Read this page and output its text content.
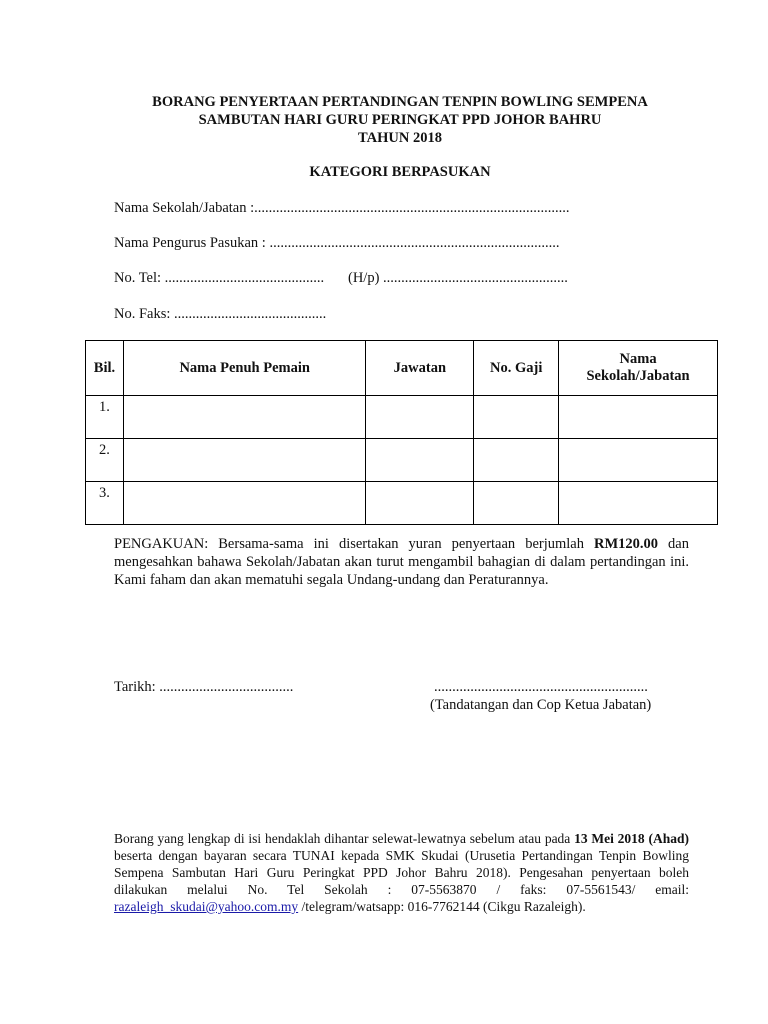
BORANG PENYERTAAN PERTANDINGAN TENPIN BOWLING SEMPENA
SAMBUTAN HARI GURU PERINGKAT PPD JOHOR BAHRU
TAHUN 2018
KATEGORI BERPASUKAN
Nama Sekolah/Jabatan :.......................................................................................
Nama Pengurus Pasukan : ................................................................................
No. Tel: ............................................ (H/p) ...................................................
No. Faks: ..........................................
Bil.	Nama Penuh Pemain	Jawatan	No. Gaji	Nama
Sekolah/Jabatan
1.				
2.				
3.				
PENGAKUAN: Bersama-sama ini disertakan yuran penyertaan berjumlah RM120.00 dan mengesahkan bahawa Sekolah/Jabatan akan turut mengambil bahagian di dalam pertandingan ini. Kami faham dan akan mematuhi segala Undang-undang dan Peraturannya.
Tarikh: .....................................	...........................................................
(Tandatangan dan Cop Ketua Jabatan)
Borang yang lengkap di isi hendaklah dihantar selewat-lewatnya sebelum atau pada 13 Mei 2018 (Ahad) beserta dengan bayaran secara TUNAI kepada SMK Skudai (Urusetia Pertandingan Tenpin Bowling Sempena Sambutan Hari Guru Peringkat PPD Johor Bahru 2018). Pengesahan penyertaan boleh dilakukan melalui No. Tel Sekolah : 07-5563870 / faks: 07-5561543/ email: razaleigh_skudai@yahoo.com.my /telegram/watsapp: 016-7762144 (Cikgu Razaleigh).
